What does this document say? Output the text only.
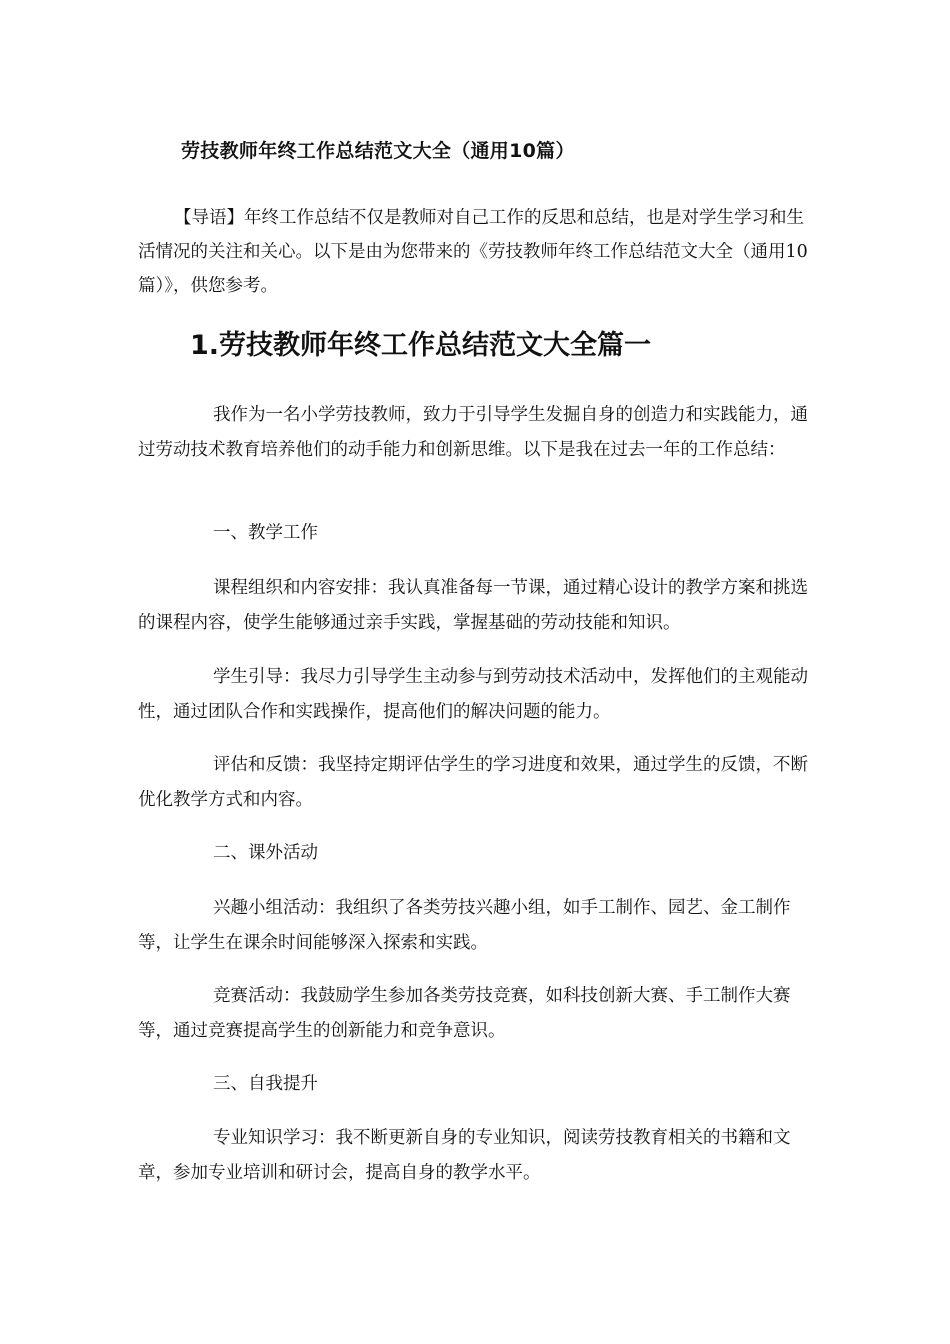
劳技教师年终工作总结范文大全（通用10篇）

【导语】年终工作总结不仅是教师对自己工作的反思和总结，也是对学生学习和生活情况的关注和关心。以下是由为您带来的《劳技教师年终工作总结范文大全（通用10篇）》，供您参考。

1.劳技教师年终工作总结范文大全篇一

我作为一名小学劳技教师，致力于引导学生发掘自身的创造力和实践能力，通过劳动技术教育培养他们的动手能力和创新思维。以下是我在过去一年的工作总结：

一、教学工作

课程组织和内容安排：我认真准备每一节课，通过精心设计的教学方案和挑选的课程内容，使学生能够通过亲手实践，掌握基础的劳动技能和知识。

学生引导：我尽力引导学生主动参与到劳动技术活动中，发挥他们的主观能动性，通过团队合作和实践操作，提高他们的解决问题的能力。

评估和反馈：我坚持定期评估学生的学习进度和效果，通过学生的反馈，不断优化教学方式和内容。

二、课外活动

兴趣小组活动：我组织了各类劳技兴趣小组，如手工制作、园艺、金工制作等，让学生在课余时间能够深入探索和实践。

竞赛活动：我鼓励学生参加各类劳技竞赛，如科技创新大赛、手工制作大赛等，通过竞赛提高学生的创新能力和竞争意识。

三、自我提升

专业知识学习：我不断更新自身的专业知识，阅读劳技教育相关的书籍和文章，参加专业培训和研讨会，提高自身的教学水平。
